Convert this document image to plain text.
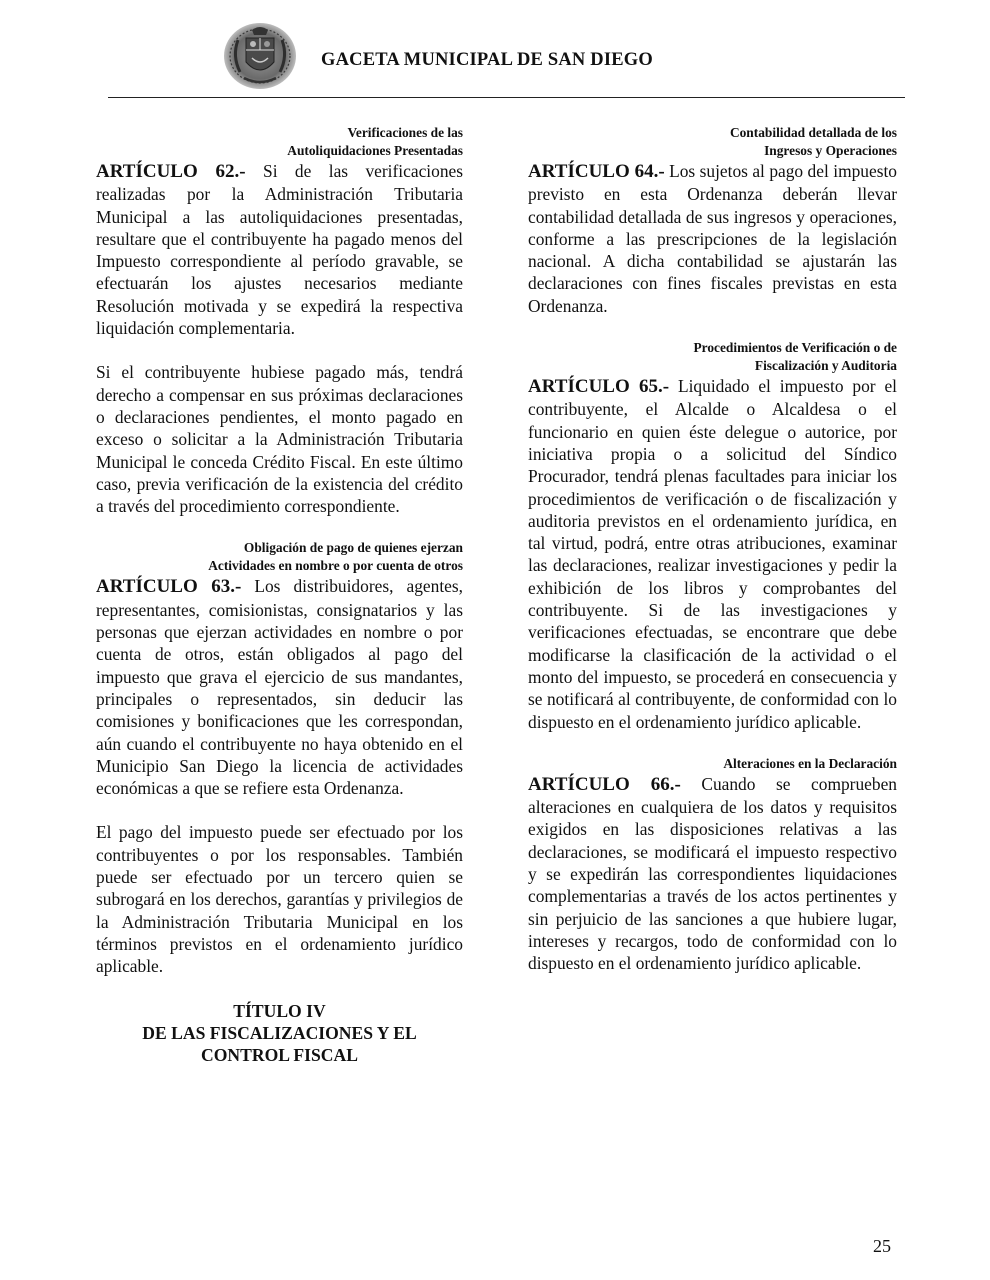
GACETA MUNICIPAL DE SAN DIEGO
Verificaciones de las
Autoliquidaciones Presentadas

ARTÍCULO 62.- Si de las verificaciones realizadas por la Administración Tributaria Municipal a las autoliquidaciones presentadas, resultare que el contribuyente ha pagado menos del Impuesto correspondiente al período gravable, se efectuarán los ajustes necesarios mediante Resolución motivada y se expedirá la respectiva liquidación complementaria.

Si el contribuyente hubiese pagado más, tendrá derecho a compensar en sus próximas declaraciones o declaraciones pendientes, el monto pagado en exceso o solicitar a la Administración Tributaria Municipal le conceda Crédito Fiscal. En este último caso, previa verificación de la existencia del crédito a través del procedimiento correspondiente.

Obligación de pago de quienes ejerzan
Actividades en nombre o por cuenta de otros

ARTÍCULO 63.- Los distribuidores, agentes, representantes, comisionistas, consignatarios y las personas que ejerzan actividades en nombre o por cuenta de otros, están obligados al pago del impuesto que grava el ejercicio de sus mandantes, principales o representados, sin deducir las comisiones y bonificaciones que les correspondan, aún cuando el contribuyente no haya obtenido en el Municipio San Diego la licencia de actividades económicas a que se refiere esta Ordenanza.

El pago del impuesto puede ser efectuado por los contribuyentes o por los responsables. También puede ser efectuado por un tercero quien se subrogará en los derechos, garantías y privilegios de la Administración Tributaria Municipal en los términos previstos en el ordenamiento jurídico aplicable.

TÍTULO IV
DE LAS FISCALIZACIONES Y EL
CONTROL FISCAL
Contabilidad detallada de los
Ingresos y Operaciones

ARTÍCULO 64.- Los sujetos al pago del impuesto previsto en esta Ordenanza deberán llevar contabilidad detallada de sus ingresos y operaciones, conforme a las prescripciones de la legislación nacional. A dicha contabilidad se ajustarán las declaraciones con fines fiscales previstas en esta Ordenanza.

Procedimientos de Verificación o de
Fiscalización y Auditoria

ARTÍCULO 65.- Liquidado el impuesto por el contribuyente, el Alcalde o Alcaldesa o el funcionario en quien éste delegue o autorice, por iniciativa propia o a solicitud del Síndico Procurador, tendrá plenas facultades para iniciar los procedimientos de verificación o de fiscalización y auditoria previstos en el ordenamiento jurídica, en tal virtud, podrá, entre otras atribuciones, examinar las declaraciones, realizar investigaciones y pedir la exhibición de los libros y comprobantes del contribuyente. Si de las investigaciones y verificaciones efectuadas, se encontrare que debe modificarse la clasificación de la actividad o el monto del impuesto, se procederá en consecuencia y se notificará al contribuyente, de conformidad con lo dispuesto en el ordenamiento jurídico aplicable.

Alteraciones en la Declaración

ARTÍCULO 66.- Cuando se comprueben alteraciones en cualquiera de los datos y requisitos exigidos en las disposiciones relativas a las declaraciones, se modificará el impuesto respectivo y se expedirán las correspondientes liquidaciones complementarias a través de los actos pertinentes y sin perjuicio de las sanciones a que hubiere lugar, intereses y recargos, todo de conformidad con lo dispuesto en el ordenamiento jurídico aplicable.

25
